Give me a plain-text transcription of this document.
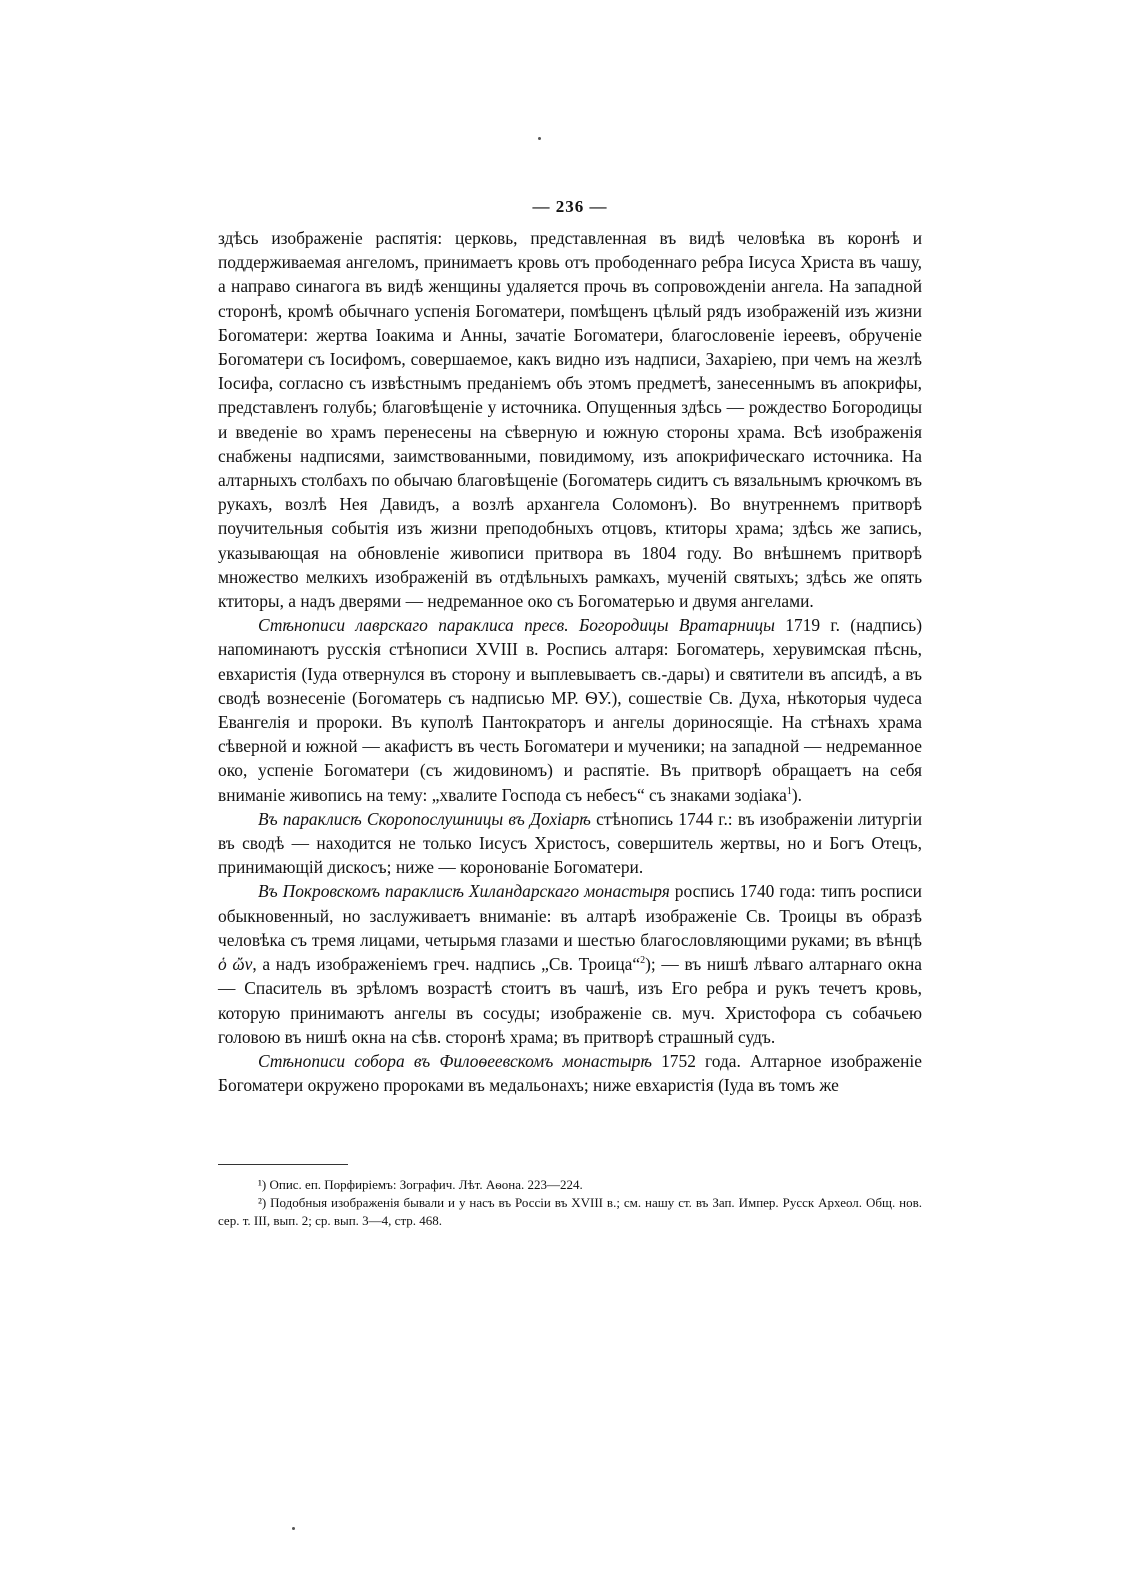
— 236 —

здѣсь изображеніе распятія: церковь, представленная въ видѣ человѣка въ коронѣ и поддерживаемая ангеломъ, принимаетъ кровь отъ прободеннаго ребра Іисуса Христа въ чашу, а направо синагога въ видѣ женщины удаляется прочь въ сопровожденіи ангела. На западной сторонѣ, кромѣ обычнаго успенія Богоматери, помѣщенъ цѣлый рядъ изображеній изъ жизни Богоматери: жертва Іоакима и Анны, зачатіе Богоматери, благословеніе іереевъ, обрученіе Богоматери съ Іосифомъ, совершаемое, какъ видно изъ надписи, Захаріею, при чемъ на жезлѣ Іосифа, согласно съ извѣстнымъ преданіемъ объ этомъ предметѣ, занесеннымъ въ апокрифы, представленъ голубь; благовѣщеніе у источника. Опущенныя здѣсь — рождество Богородицы и введеніе во храмъ перенесены на сѣверную и южную стороны храма. Всѣ изображенія снабжены надписями, заимствованными, повидимому, изъ апокрифическаго источника. На алтарныхъ столбахъ по обычаю благовѣщеніе (Богоматерь сидитъ съ вязальнымъ крючкомъ въ рукахъ, возлѣ Нея Давидъ, а возлѣ архангела Соломонъ). Во внутреннемъ притворѣ поучительныя событія изъ жизни преподобныхъ отцовъ, ктиторы храма; здѣсь же запись, указывающая на обновленіе живописи притвора въ 1804 году. Во внѣшнемъ притворѣ множество мелкихъ изображеній въ отдѣльныхъ рамкахъ, мученій святыхъ; здѣсь же опять ктиторы, а надъ дверями — недреманное око съ Богоматерью и двумя ангелами.

Стѣнописи лаврскаго параклиса пресв. Богородицы Вратарницы 1719 г. (надпись) напоминаютъ русскія стѣнописи XVIII в. Роспись алтаря: Богоматерь, херувимская пѣснь, евхаристія (Іуда отвернулся въ сторону и выплевываетъ св.-дары) и святители въ апсидѣ, а въ сводѣ вознесеніе (Богоматерь съ надписью МР. ѲУ.), сошествіе Св. Духа, нѣкоторыя чудеса Евангелія и пророки. Въ куполѣ Пантократоръ и ангелы дориносящіе. На стѣнахъ храма сѣверной и южной — акафистъ въ честь Богоматери и мученики; на западной — недреманное око, успеніе Богоматери (съ жидовиномъ) и распятіе. Въ притворѣ обращаетъ на себя вниманіе живопись на тему: „хвалите Господа съ небесъ“ съ знаками зодіака$^1$).

Въ параклисѣ Скоропослушницы въ Дохіарѣ стѣнопись 1744 г.: въ изображеніи литургіи въ сводѣ — находится не только Іисусъ Христосъ, совершитель жертвы, но и Богъ Отецъ, принимающій дискосъ; ниже — коронованіе Богоматери.

Въ Покровскомъ параклисѣ Хиландарскаго монастыря роспись 1740 года: типъ росписи обыкновенный, но заслуживаетъ вниманіе: въ алтарѣ изображеніе Св. Троицы въ образѣ человѣка съ тремя лицами, четырьмя глазами и шестью благословляющими руками; въ вѣнцѣ ὁ ὤν, а надъ изображеніемъ греч. надпись „Св. Троица“$^2$); — въ нишѣ лѣваго алтарнаго окна — Спаситель въ зрѣломъ возрастѣ стоитъ въ чашѣ, изъ Его ребра и рукъ течетъ кровь, которую принимаютъ ангелы въ сосуды; изображеніе св. муч. Христофора съ собачьею головою въ нишѣ окна на сѣв. сторонѣ храма; въ притворѣ страшный судъ.

Стѣнописи собора въ Филоѳеевскомъ монастырѣ 1752 года. Алтарное изображеніе Богоматери окружено пророками въ медальонахъ; ниже евхаристія (Іуда въ томъ же

¹) Опис. еп. Порфиріемъ: Зографич. Лѣт. Аѳона. 223—224.

²) Подобныя изображенія бывали и у насъ въ Россіи въ XVIII в.; см. нашу ст. въ Зап. Импер. Русск Археол. Общ. нов. сер. т. III, вып. 2; ср. вып. 3—4, стр. 468.
